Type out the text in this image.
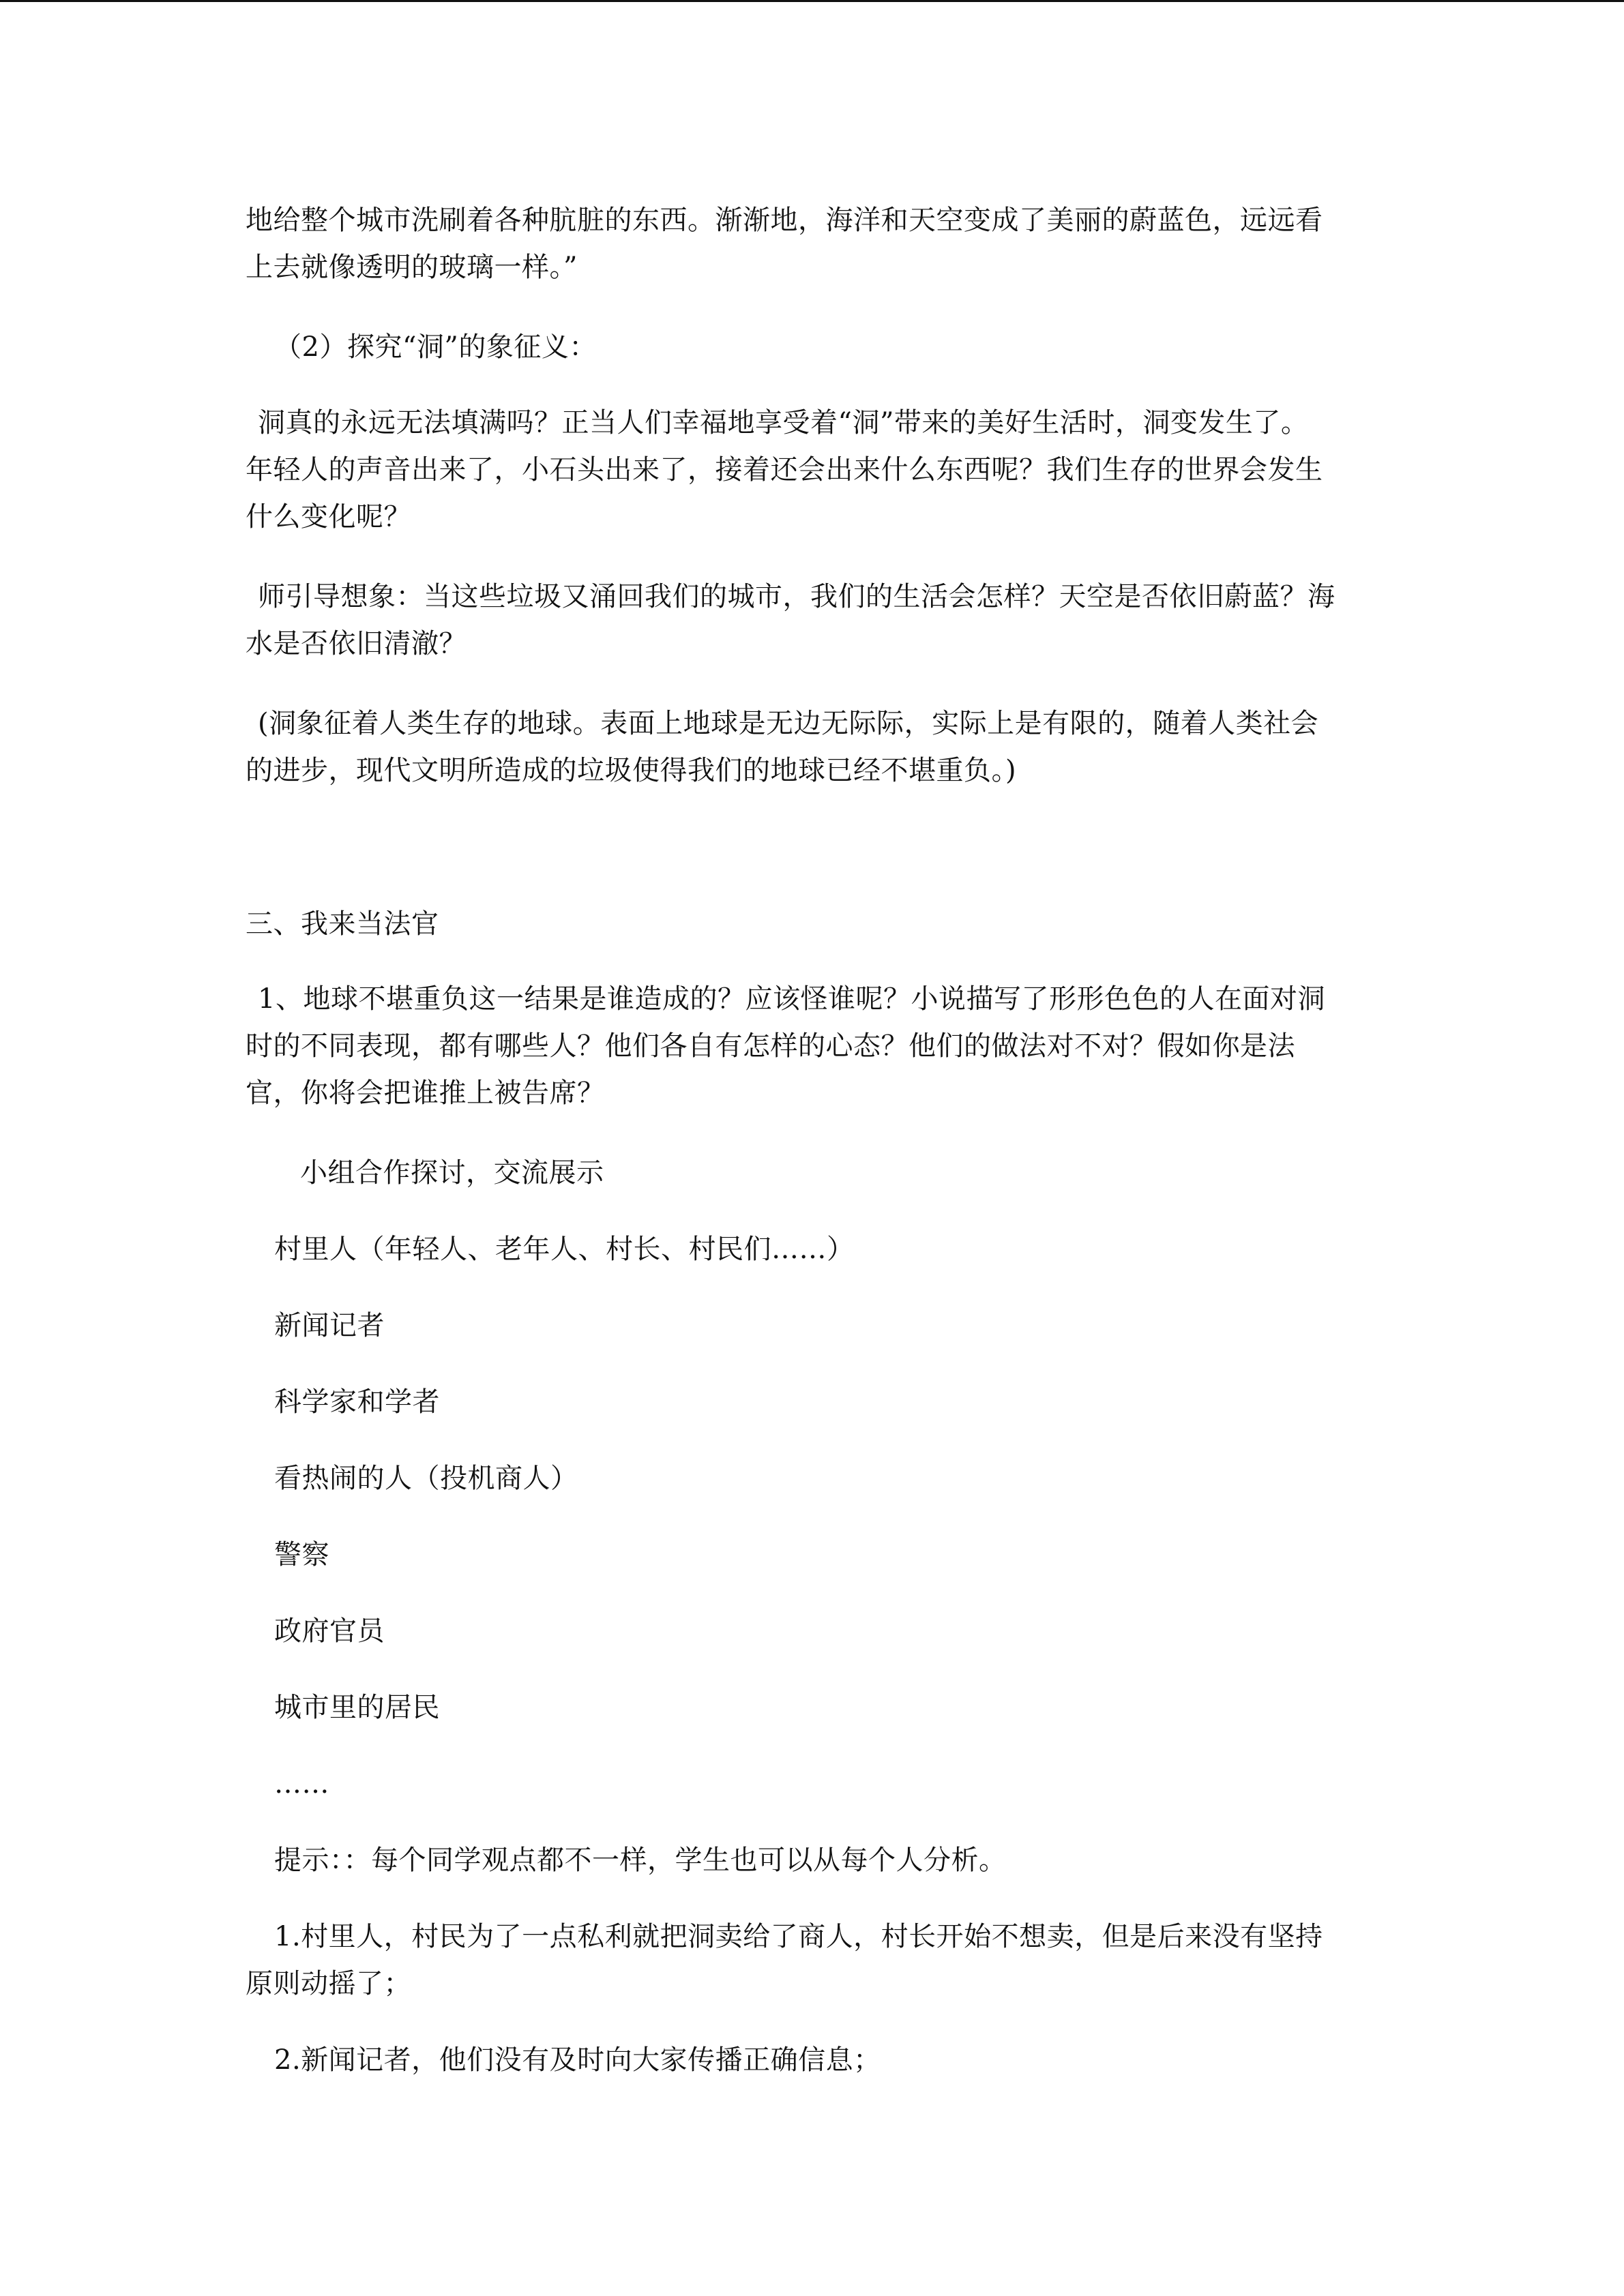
地给整个城市洗刷着各种肮脏的东西。渐渐地，海洋和天空变成了美丽的蔚蓝色，远远看
上去就像透明的玻璃一样。”
（2）探究“洞”的象征义：
洞真的永远无法填满吗？正当人们幸福地享受着“洞”带来的美好生活时，洞变发生了。
年轻人的声音出来了，小石头出来了，接着还会出来什么东西呢？我们生存的世界会发生
什么变化呢？
师引导想象：当这些垃圾又涌回我们的城市，我们的生活会怎样？天空是否依旧蔚蓝？海
水是否依旧清澈？
(洞象征着人类生存的地球。表面上地球是无边无际际，实际上是有限的，随着人类社会
的进步，现代文明所造成的垃圾使得我们的地球已经不堪重负。)
三、我来当法官
1、地球不堪重负这一结果是谁造成的？应该怪谁呢？小说描写了形形色色的人在面对洞
时的不同表现，都有哪些人？他们各自有怎样的心态？他们的做法对不对？假如你是法
官，你将会把谁推上被告席？
小组合作探讨，交流展示
村里人（年轻人、老年人、村长、村民们……）
新闻记者
科学家和学者
看热闹的人（投机商人）
警察
政府官员
城市里的居民
……
提示：：每个同学观点都不一样，学生也可以从每个人分析。
1.村里人，村民为了一点私利就把洞卖给了商人，村长开始不想卖，但是后来没有坚持
原则动摇了；
2.新闻记者，他们没有及时向大家传播正确信息；
